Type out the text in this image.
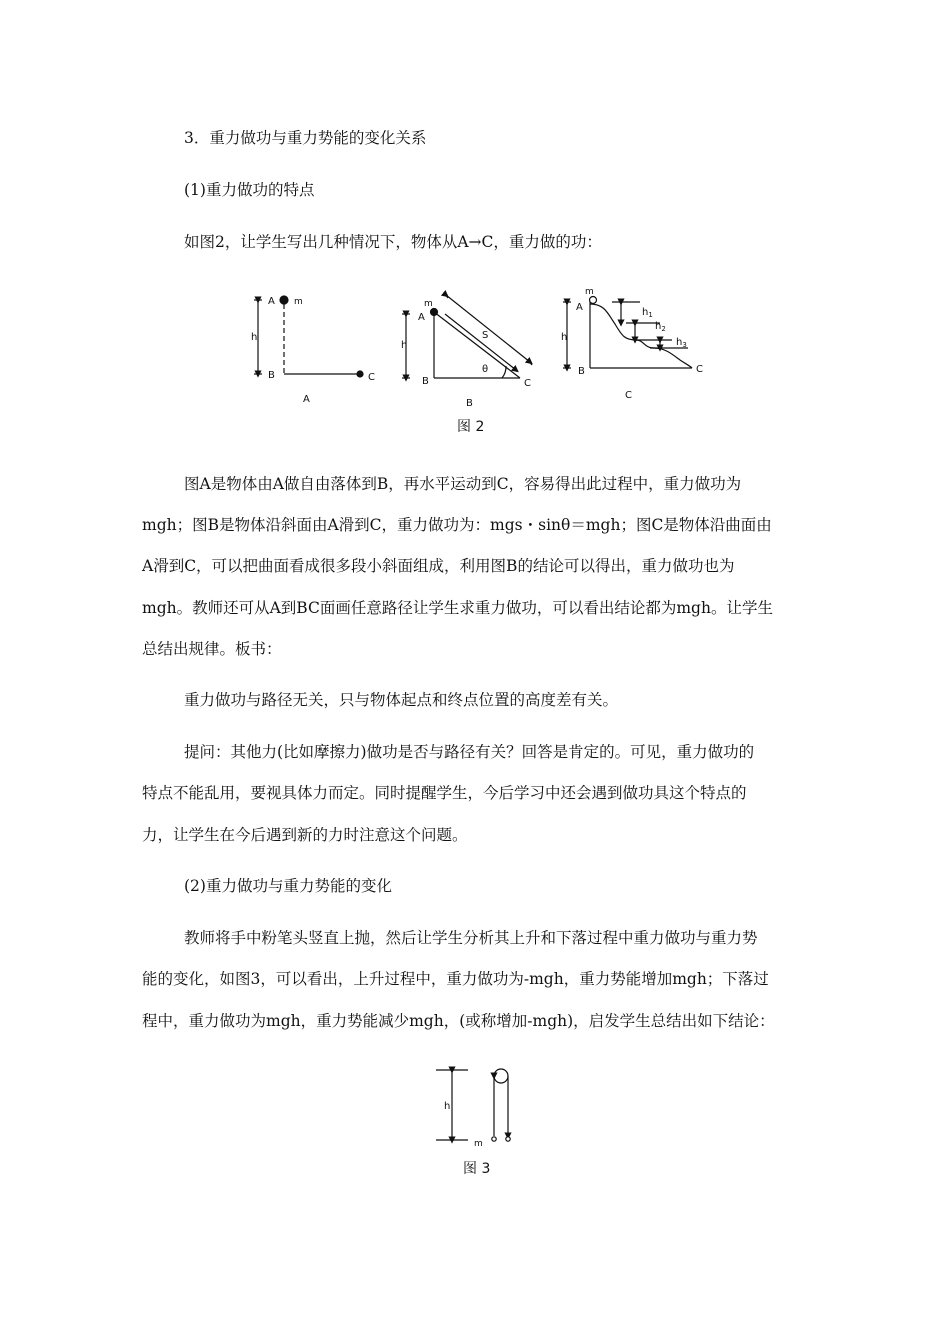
3．重力做功与重力势能的变化关系
(1)重力做功的特点
如图2，让学生写出几种情况下，物体从A→C，重力做的功：
A m
h
B	C
A
m
A
h
B	C
S
θ
B
m
A
h
B	C
$h_1$
$h_2$
$h_3$
C
图 2
图A是物体由A做自由落体到B，再水平运动到C，容易得出此过程中，重力做功为
mgh；图B是物体沿斜面由A滑到C，重力做功为：mgs・sinθ＝mgh；图C是物体沿曲面由
A滑到C，可以把曲面看成很多段小斜面组成，利用图B的结论可以得出，重力做功也为
mgh。教师还可从A到BC面画任意路径让学生求重力做功，可以看出结论都为mgh。让学生
总结出规律。板书：
重力做功与路径无关，只与物体起点和终点位置的高度差有关。
提问：其他力(比如摩擦力)做功是否与路径有关？回答是肯定的。可见，重力做功的
特点不能乱用，要视具体力而定。同时提醒学生，今后学习中还会遇到做功具这个特点的
力，让学生在今后遇到新的力时注意这个问题。
(2)重力做功与重力势能的变化
教师将手中粉笔头竖直上抛，然后让学生分析其上升和下落过程中重力做功与重力势
能的变化，如图3，可以看出，上升过程中，重力做功为-mgh，重力势能增加mgh；下落过
程中，重力做功为mgh，重力势能减少mgh，(或称增加-mgh)，启发学生总结出如下结论：
h
m
图 3
